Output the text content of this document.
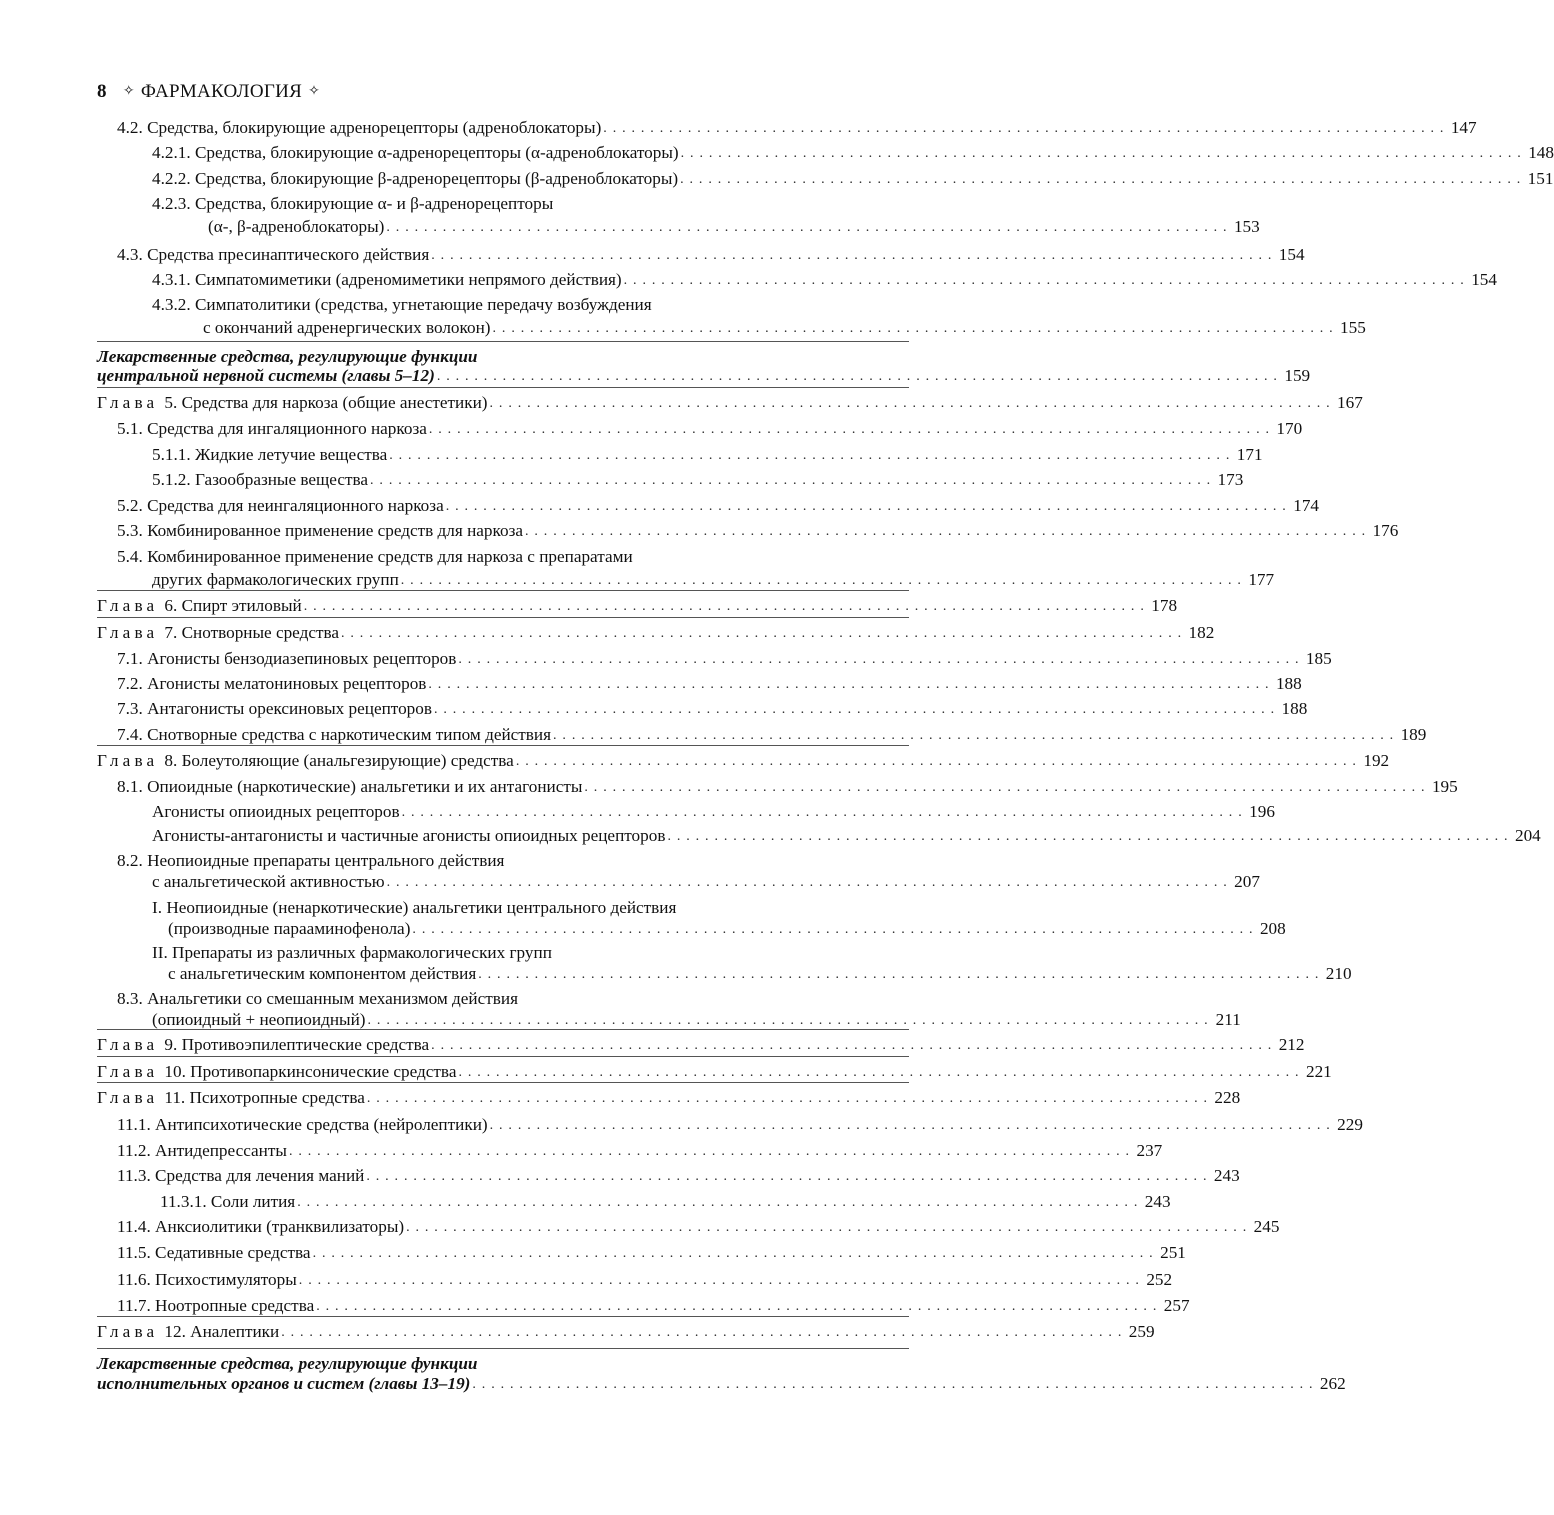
8 ✧ ФАРМАКОЛОГИЯ ✧
4.2. Средства, блокирующие адренорецепторы (адреноблокаторы) . . . . . . . . . . . . . . . . . . . . . . . . . . . . . . . . . . . . . . . . . . . . . . . . . . . . . . . . . . . . . . . . . . . . . . . . . . . . . . . . . . . . . . . . . . 147
4.2.1. Средства, блокирующие α-адренорецепторы (α-адреноблокаторы) . . . . . . . . . . . . . . . . . . . . . . . . . . . . . . . . . . . . . . . . . . . . . . . . . . . . . . . . . . . . . . . . . . . . . . . . . . . . . . . . . . . . . . . . . . 148
4.2.2. Средства, блокирующие β-адренорецепторы (β-адреноблокаторы) . . . . . . . . . . . . . . . . . . . . . . . . . . . . . . . . . . . . . . . . . . . . . . . . . . . . . . . . . . . . . . . . . . . . . . . . . . . . . . . . . . . . . . . . . . 151
4.2.3. Средства, блокирующие α- и β-адренорецепторы
(α-, β-адреноблокаторы) . . . . . . . . . . . . . . . . . . . . . . . . . . . . . . . . . . . . . . . . . . . . . . . . . . . . . . . . . . . . . . . . . . . . . . . . . . . . . . . . . . . . . . . . . . 153
4.3. Средства пресинаптического действия . . . . . . . . . . . . . . . . . . . . . . . . . . . . . . . . . . . . . . . . . . . . . . . . . . . . . . . . . . . . . . . . . . . . . . . . . . . . . . . . . . . . . . . . . . 154
4.3.1. Симпатомиметики (адреномиметики непрямого действия) . . . . . . . . . . . . . . . . . . . . . . . . . . . . . . . . . . . . . . . . . . . . . . . . . . . . . . . . . . . . . . . . . . . . . . . . . . . . . . . . . . . . . . . . . . 154
4.3.2. Симпатолитики (средства, угнетающие передачу возбуждения
с окончаний адренергических волокон) . . . . . . . . . . . . . . . . . . . . . . . . . . . . . . . . . . . . . . . . . . . . . . . . . . . . . . . . . . . . . . . . . . . . . . . . . . . . . . . . . . . . . . . . . . 155
Лекарственные средства, регулирующие функции
центральной нервной системы (главы 5–12) . . . . . . . . . . . . . . . . . . . . . . . . . . . . . . . . . . . . . . . . . . . . . . . . . . . . . . . . . . . . . . . . . . . . . . . . . . . . . . . . . . . . . . . . . . 159
Глава 5. Средства для наркоза (общие анестетики) . . . . . . . . . . . . . . . . . . . . . . . . . . . . . . . . . . . . . . . . . . . . . . . . . . . . . . . . . . . . . . . . . . . . . . . . . . . . . . . . . . . . . . . . . . 167
5.1. Средства для ингаляционного наркоза . . . . . . . . . . . . . . . . . . . . . . . . . . . . . . . . . . . . . . . . . . . . . . . . . . . . . . . . . . . . . . . . . . . . . . . . . . . . . . . . . . . . . . . . . . 170
5.1.1. Жидкие летучие вещества . . . . . . . . . . . . . . . . . . . . . . . . . . . . . . . . . . . . . . . . . . . . . . . . . . . . . . . . . . . . . . . . . . . . . . . . . . . . . . . . . . . . . . . . . . 171
5.1.2. Газообразные вещества . . . . . . . . . . . . . . . . . . . . . . . . . . . . . . . . . . . . . . . . . . . . . . . . . . . . . . . . . . . . . . . . . . . . . . . . . . . . . . . . . . . . . . . . . . 173
5.2. Средства для неингаляционного наркоза . . . . . . . . . . . . . . . . . . . . . . . . . . . . . . . . . . . . . . . . . . . . . . . . . . . . . . . . . . . . . . . . . . . . . . . . . . . . . . . . . . . . . . . . . . 174
5.3. Комбинированное применение средств для наркоза . . . . . . . . . . . . . . . . . . . . . . . . . . . . . . . . . . . . . . . . . . . . . . . . . . . . . . . . . . . . . . . . . . . . . . . . . . . . . . . . . . . . . . . . . . 176
5.4. Комбинированное применение средств для наркоза с препаратами
других фармакологических групп . . . . . . . . . . . . . . . . . . . . . . . . . . . . . . . . . . . . . . . . . . . . . . . . . . . . . . . . . . . . . . . . . . . . . . . . . . . . . . . . . . . . . . . . . . 177
Глава 6. Спирт этиловый . . . . . . . . . . . . . . . . . . . . . . . . . . . . . . . . . . . . . . . . . . . . . . . . . . . . . . . . . . . . . . . . . . . . . . . . . . . . . . . . . . . . . . . . . . 178
Глава 7. Снотворные средства . . . . . . . . . . . . . . . . . . . . . . . . . . . . . . . . . . . . . . . . . . . . . . . . . . . . . . . . . . . . . . . . . . . . . . . . . . . . . . . . . . . . . . . . . . 182
7.1. Агонисты бензодиазепиновых рецепторов . . . . . . . . . . . . . . . . . . . . . . . . . . . . . . . . . . . . . . . . . . . . . . . . . . . . . . . . . . . . . . . . . . . . . . . . . . . . . . . . . . . . . . . . . . 185
7.2. Агонисты мелатониновых рецепторов . . . . . . . . . . . . . . . . . . . . . . . . . . . . . . . . . . . . . . . . . . . . . . . . . . . . . . . . . . . . . . . . . . . . . . . . . . . . . . . . . . . . . . . . . . 188
7.3. Антагонисты орексиновых рецепторов . . . . . . . . . . . . . . . . . . . . . . . . . . . . . . . . . . . . . . . . . . . . . . . . . . . . . . . . . . . . . . . . . . . . . . . . . . . . . . . . . . . . . . . . . . 188
7.4. Снотворные средства с наркотическим типом действия . . . . . . . . . . . . . . . . . . . . . . . . . . . . . . . . . . . . . . . . . . . . . . . . . . . . . . . . . . . . . . . . . . . . . . . . . . . . . . . . . . . . . . . . . . 189
Глава 8. Болеутоляющие (анальгезирующие) средства . . . . . . . . . . . . . . . . . . . . . . . . . . . . . . . . . . . . . . . . . . . . . . . . . . . . . . . . . . . . . . . . . . . . . . . . . . . . . . . . . . . . . . . . . . 192
8.1. Опиоидные (наркотические) анальгетики и их антагонисты . . . . . . . . . . . . . . . . . . . . . . . . . . . . . . . . . . . . . . . . . . . . . . . . . . . . . . . . . . . . . . . . . . . . . . . . . . . . . . . . . . . . . . . . . . 195
Агонисты опиоидных рецепторов . . . . . . . . . . . . . . . . . . . . . . . . . . . . . . . . . . . . . . . . . . . . . . . . . . . . . . . . . . . . . . . . . . . . . . . . . . . . . . . . . . . . . . . . . . 196
Агонисты-антагонисты и частичные агонисты опиоидных рецепторов . . . . . . . . . . . . . . . . . . . . . . . . . . . . . . . . . . . . . . . . . . . . . . . . . . . . . . . . . . . . . . . . . . . . . . . . . . . . . . . . . . . . . . . . . . 204
8.2. Неопиоидные препараты центрального действия
с анальгетической активностью . . . . . . . . . . . . . . . . . . . . . . . . . . . . . . . . . . . . . . . . . . . . . . . . . . . . . . . . . . . . . . . . . . . . . . . . . . . . . . . . . . . . . . . . . . 207
I. Неопиоидные (ненаркотические) анальгетики центрального действия
(производные парааминофенола) . . . . . . . . . . . . . . . . . . . . . . . . . . . . . . . . . . . . . . . . . . . . . . . . . . . . . . . . . . . . . . . . . . . . . . . . . . . . . . . . . . . . . . . . . . 208
II. Препараты из различных фармакологических групп
с анальгетическим компонентом действия . . . . . . . . . . . . . . . . . . . . . . . . . . . . . . . . . . . . . . . . . . . . . . . . . . . . . . . . . . . . . . . . . . . . . . . . . . . . . . . . . . . . . . . . . . 210
8.3. Анальгетики со смешанным механизмом действия
(опиоидный + неопиоидный) . . . . . . . . . . . . . . . . . . . . . . . . . . . . . . . . . . . . . . . . . . . . . . . . . . . . . . . . . . . . . . . . . . . . . . . . . . . . . . . . . . . . . . . . . . 211
Глава 9. Противоэпилептические средства . . . . . . . . . . . . . . . . . . . . . . . . . . . . . . . . . . . . . . . . . . . . . . . . . . . . . . . . . . . . . . . . . . . . . . . . . . . . . . . . . . . . . . . . . . 212
Глава 10. Противопаркинсонические средства . . . . . . . . . . . . . . . . . . . . . . . . . . . . . . . . . . . . . . . . . . . . . . . . . . . . . . . . . . . . . . . . . . . . . . . . . . . . . . . . . . . . . . . . . . 221
Глава 11. Психотропные средства . . . . . . . . . . . . . . . . . . . . . . . . . . . . . . . . . . . . . . . . . . . . . . . . . . . . . . . . . . . . . . . . . . . . . . . . . . . . . . . . . . . . . . . . . . 228
11.1. Антипсихотические средства (нейролептики) . . . . . . . . . . . . . . . . . . . . . . . . . . . . . . . . . . . . . . . . . . . . . . . . . . . . . . . . . . . . . . . . . . . . . . . . . . . . . . . . . . . . . . . . . . 229
11.2. Антидепрессанты . . . . . . . . . . . . . . . . . . . . . . . . . . . . . . . . . . . . . . . . . . . . . . . . . . . . . . . . . . . . . . . . . . . . . . . . . . . . . . . . . . . . . . . . . . 237
11.3. Средства для лечения маний . . . . . . . . . . . . . . . . . . . . . . . . . . . . . . . . . . . . . . . . . . . . . . . . . . . . . . . . . . . . . . . . . . . . . . . . . . . . . . . . . . . . . . . . . . 243
11.3.1. Соли лития . . . . . . . . . . . . . . . . . . . . . . . . . . . . . . . . . . . . . . . . . . . . . . . . . . . . . . . . . . . . . . . . . . . . . . . . . . . . . . . . . . . . . . . . . . 243
11.4. Анксиолитики (транквилизаторы) . . . . . . . . . . . . . . . . . . . . . . . . . . . . . . . . . . . . . . . . . . . . . . . . . . . . . . . . . . . . . . . . . . . . . . . . . . . . . . . . . . . . . . . . . . 245
11.5. Седативные средства . . . . . . . . . . . . . . . . . . . . . . . . . . . . . . . . . . . . . . . . . . . . . . . . . . . . . . . . . . . . . . . . . . . . . . . . . . . . . . . . . . . . . . . . . . 251
11.6. Психостимуляторы . . . . . . . . . . . . . . . . . . . . . . . . . . . . . . . . . . . . . . . . . . . . . . . . . . . . . . . . . . . . . . . . . . . . . . . . . . . . . . . . . . . . . . . . . . 252
11.7. Ноотропные средства . . . . . . . . . . . . . . . . . . . . . . . . . . . . . . . . . . . . . . . . . . . . . . . . . . . . . . . . . . . . . . . . . . . . . . . . . . . . . . . . . . . . . . . . . . 257
Глава 12. Аналептики . . . . . . . . . . . . . . . . . . . . . . . . . . . . . . . . . . . . . . . . . . . . . . . . . . . . . . . . . . . . . . . . . . . . . . . . . . . . . . . . . . . . . . . . . . 259
Лекарственные средства, регулирующие функции
исполнительных органов и систем (главы 13–19) . . . . . . . . . . . . . . . . . . . . . . . . . . . . . . . . . . . . . . . . . . . . . . . . . . . . . . . . . . . . . . . . . . . . . . . . . . . . . . . . . . . . . . . . . . 262
